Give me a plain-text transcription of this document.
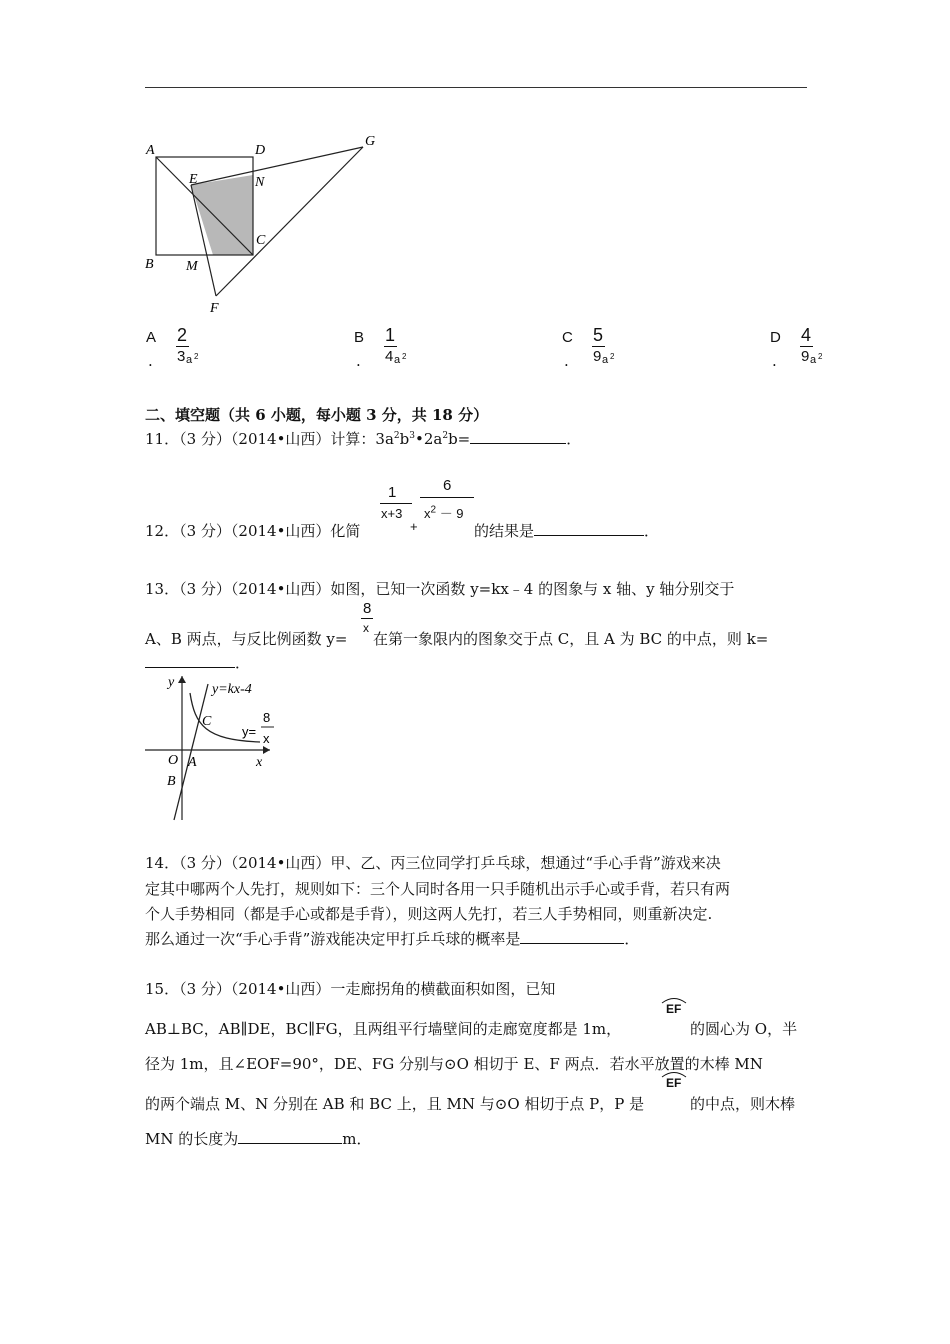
A	D
G
E	N
C
B M
F
A
.
2
3 a 2
B
.
1
4 a 2
C
.
5
9 a 2
D
.
4
9 a 2
二、填空题（共 6 小题，每小题 3 分，共 18 分）
11．（3 分）（2014•山西）计算：$3a^2b^3•2a^2b=$	．
12．（3 分）（2014•山西）化简
1
x+3
+
6
$x^2 - 9$
的结果是	．
13．（3 分）（2014•山西）如图，已知一次函数 y=kx﹣4 的图象与 x 轴、y 轴分别交于
A、B 两点，与反比例函数 y=
8
x
在第一象限内的图象交于点 C，且 A 为 BC 的中点，则 k=
．
y
x
y=kx-4
C
O A
B
y=
8
x
14．（3 分）（2014•山西）甲、乙、丙三位同学打乒乓球，想通过“手心手背”游戏来决
定其中哪两个人先打，规则如下：三个人同时各用一只手随机出示手心或手背，若只有两
个人手势相同（都是手心或都是手背），则这两人先打，若三人手势相同，则重新决定.
那么通过一次“手心手背”游戏能决定甲打乒乓球的概率是	．
15．（3 分）（2014•山西）一走廊拐角的横截面积如图，已知
AB⊥BC，AB∥DE，BC∥FG，且两组平行墙壁间的走廊宽度都是 1m，
EF
的圆心为 O，半
径为 1m，且∠EOF=90°，DE、FG 分别与⊙O 相切于 E、F 两点．若水平放置的木棒 MN
的两个端点 M、N 分别在 AB 和 BC 上，且 MN 与⊙O 相切于点 P，P 是
EF
的中点，则木棒
MN 的长度为	m．
